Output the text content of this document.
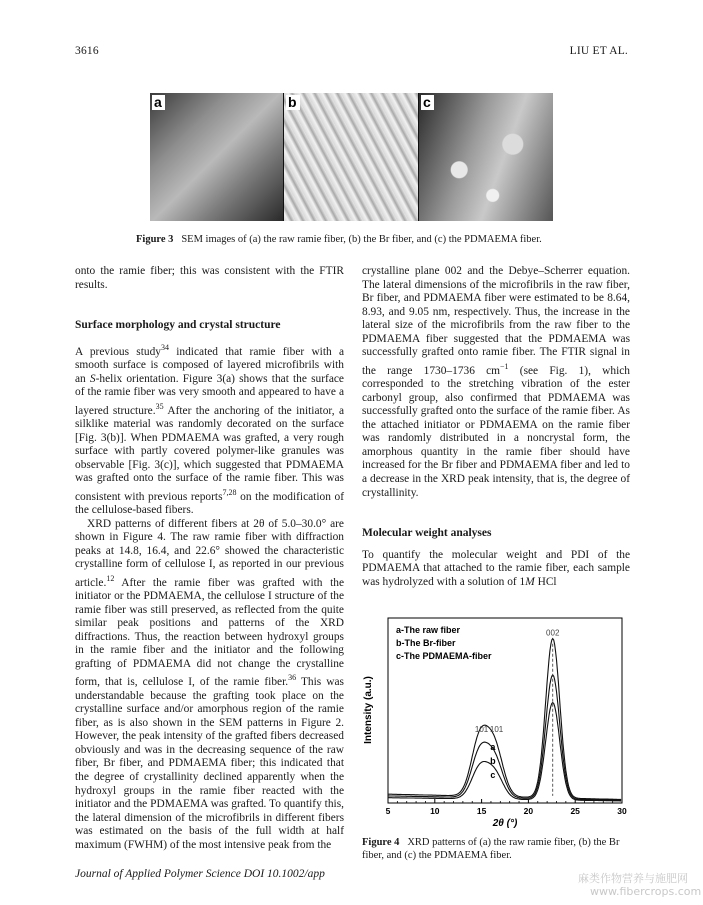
3616	LIU ET AL.
a	b	c
Figure 3 SEM images of (a) the raw ramie fiber, (b) the Br fiber, and (c) the PDMAEMA fiber.

onto the ramie fiber; this was consistent with the FTIR results.

Surface morphology and crystal structure

A previous study$^{34}$ indicated that ramie fiber with a smooth surface is composed of layered microfibrils with an S-helix orientation. Figure 3(a) shows that the surface of the ramie fiber was very smooth and appeared to have a layered structure.$^{35}$ After the anchoring of the initiator, a silklike material was randomly decorated on the surface [Fig. 3(b)]. When PDMAEMA was grafted, a very rough surface with partly covered polymer-like granules was observable [Fig. 3(c)], which suggested that PDMAEMA was grafted onto the surface of the ramie fiber. This was consistent with previous reports$^{7,28}$ on the modification of the cellulose-based fibers.

XRD patterns of different fibers at 2θ of 5.0–30.0° are shown in Figure 4. The raw ramie fiber with diffraction peaks at 14.8, 16.4, and 22.6° showed the characteristic crystalline form of cellulose I, as reported in our previous article.$^{12}$ After the ramie fiber was grafted with the initiator or the PDMAEMA, the cellulose I structure of the ramie fiber was still preserved, as reflected from the quite similar peak positions and patterns of the XRD diffractions. Thus, the reaction between hydroxyl groups in the ramie fiber and the initiator and the following grafting of PDMAEMA did not change the crystalline form, that is, cellulose I, of the ramie fiber.$^{36}$ This was understandable because the grafting took place on the crystalline surface and/or amorphous region of the ramie fiber, as is also shown in the SEM patterns in Figure 2. However, the peak intensity of the grafted fibers decreased obviously and was in the decreasing sequence of the raw fiber, Br fiber, and PDMAEMA fiber; this indicated that the degree of crystallinity declined apparently when the hydroxyl groups in the ramie fiber reacted with the initiator and the PDMAEMA was grafted. To quantify this, the lateral dimension of the microfibrils in different fibers was estimated on the basis of the full width at half maximum (FWHM) of the most intensive peak from the

crystalline plane 002 and the Debye–Scherrer equation. The lateral dimensions of the microfibrils in the raw fiber, Br fiber, and PDMAEMA fiber were estimated to be 8.64, 8.93, and 9.05 nm, respectively. Thus, the increase in the lateral size of the microfibrils from the raw fiber to the PDMAEMA fiber suggested that the PDMAEMA was successfully grafted onto ramie fiber. The FTIR signal in the range 1730–1736 $cm^{-1}$ (see Fig. 1), which corresponded to the stretching vibration of the ester carbonyl group, also confirmed that PDMAEMA was successfully grafted onto the surface of the ramie fiber. As the attached initiator or PDMAEMA on the ramie fiber was randomly distributed in a noncrystal form, the amorphous quantity in the ramie fiber should have increased for the Br fiber and PDMAEMA fiber and led to a decrease in the XRD peak intensity, that is, the degree of crystallinity.

Molecular weight analyses

To quantify the molecular weight and PDI of the PDMAEMA that attached to the ramie fiber, each sample was hydrolyzed with a solution of 1M HCl

5	10	15	20	25	30
a-The raw fiber
b-The Br-fiber
c-The PDMAEMA-fiber
101 101
002
a
b
c
Intensity (a.u.)
2θ (°)
Figure 4 XRD patterns of (a) the raw ramie fiber, (b) the Br fiber, and (c) the PDMAEMA fiber.
Journal of Applied Polymer Science DOI 10.1002/app	麻类作物营养与施肥网
www.fibercrops.com
